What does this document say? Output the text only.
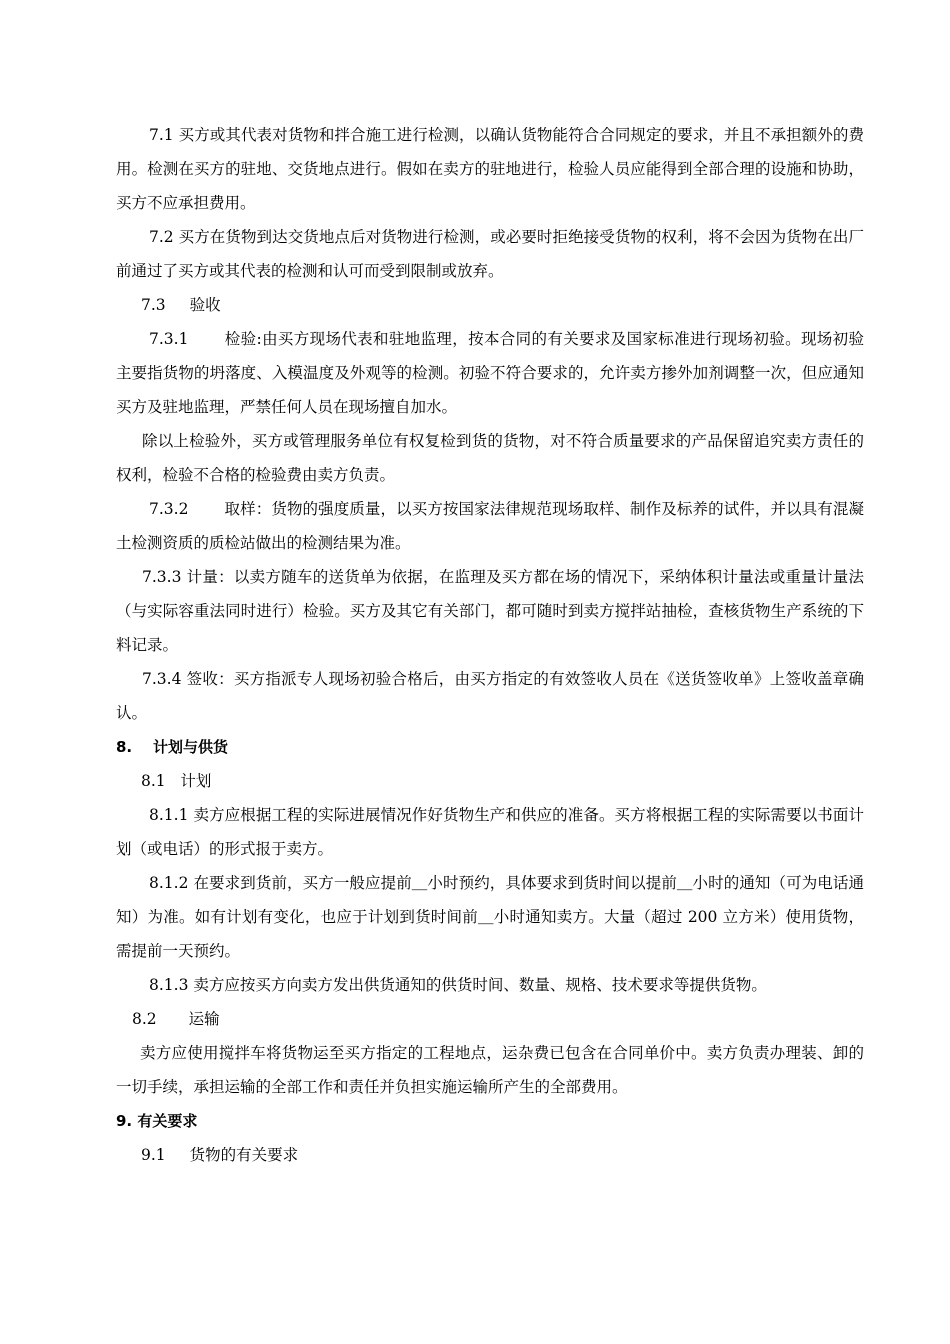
7.1 买方或其代表对货物和拌合施工进行检测，以确认货物能符合合同规定的要求，并且不承担额外的费用。检测在买方的驻地、交货地点进行。假如在卖方的驻地进行，检验人员应能得到全部合理的设施和协助，买方不应承担费用。

7.2 买方在货物到达交货地点后对货物进行检测，或必要时拒绝接受货物的权利，将不会因为货物在出厂前通过了买方或其代表的检测和认可而受到限制或放弃。

7.3 验收

7.3.1 检验:由买方现场代表和驻地监理，按本合同的有关要求及国家标准进行现场初验。现场初验主要指货物的坍落度、入模温度及外观等的检测。初验不符合要求的，允许卖方掺外加剂调整一次，但应通知买方及驻地监理，严禁任何人员在现场擅自加水。

除以上检验外，买方或管理服务单位有权复检到货的货物，对不符合质量要求的产品保留追究卖方责任的权利，检验不合格的检验费由卖方负责。

7.3.2 取样：货物的强度质量，以买方按国家法律规范现场取样、制作及标养的试件，并以具有混凝土检测资质的质检站做出的检测结果为准。

7.3.3 计量：以卖方随车的送货单为依据，在监理及买方都在场的情况下，采纳体积计量法或重量计量法（与实际容重法同时进行）检验。买方及其它有关部门，都可随时到卖方搅拌站抽检，查核货物生产系统的下料记录。

7.3.4 签收：买方指派专人现场初验合格后，由买方指定的有效签收人员在《送货签收单》上签收盖章确认。

8.    计划与供货

8.1   计划

8.1.1 卖方应根据工程的实际进展情况作好货物生产和供应的准备。买方将根据工程的实际需要以书面计划（或电话）的形式报于卖方。

8.1.2 在要求到货前，买方一般应提前＿小时预约，具体要求到货时间以提前＿小时的通知（可为电话通知）为准。如有计划有变化，也应于计划到货时间前＿小时通知卖方。大量（超过 200 立方米）使用货物，需提前一天预约。

8.1.3 卖方应按买方向卖方发出供货通知的供货时间、数量、规格、技术要求等提供货物。

8.2 运输

卖方应使用搅拌车将货物运至买方指定的工程地点，运杂费已包含在合同单价中。卖方负责办理装、卸的一切手续，承担运输的全部工作和责任并负担实施运输所产生的全部费用。

9. 有关要求

9.1 货物的有关要求
